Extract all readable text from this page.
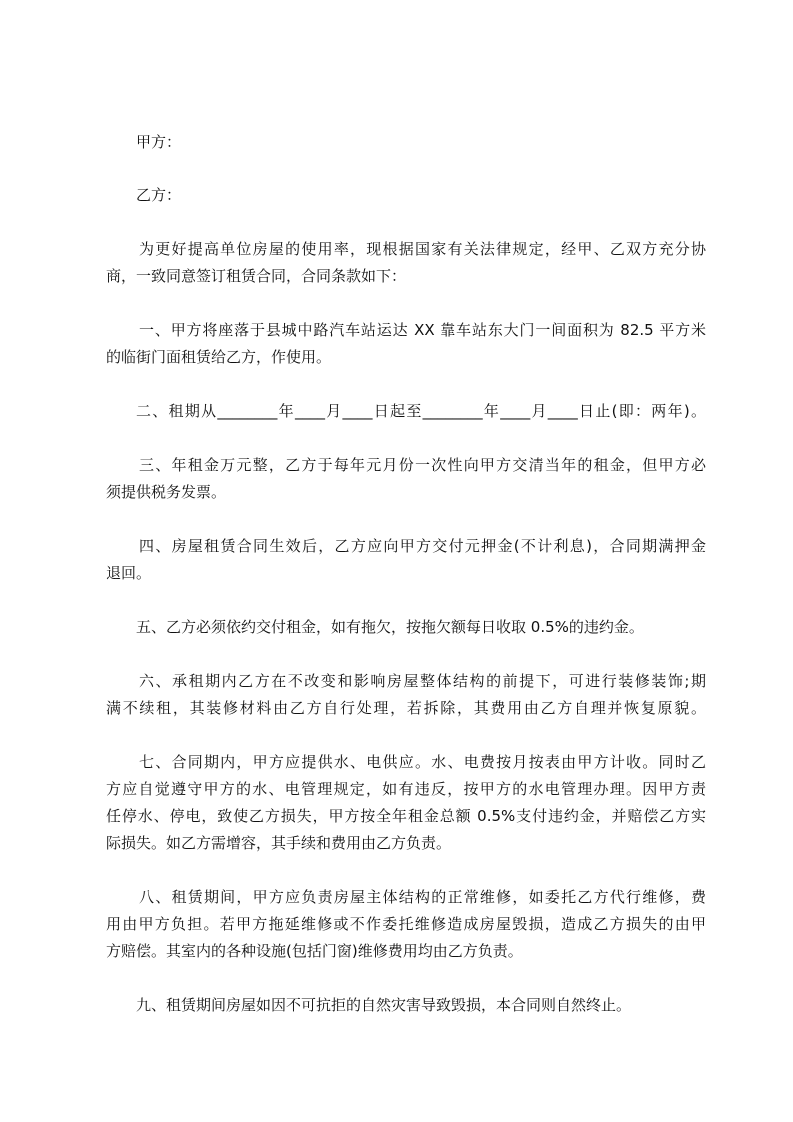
甲方：
乙方：
为更好提高单位房屋的使用率，现根据国家有关法律规定，经甲、乙双方充分协
商，一致同意签订租赁合同，合同条款如下：
一、甲方将座落于县城中路汽车站运达 XX 靠车站东大门一间面积为 82.5 平方米
的临街门面租赁给乙方，作使用。
二、租期从________年____月____日起至________年____月____日止(即：两年)。
三、年租金万元整，乙方于每年元月份一次性向甲方交清当年的租金，但甲方必
须提供税务发票。
四、房屋租赁合同生效后，乙方应向甲方交付元押金(不计利息)，合同期满押金
退回。
五、乙方必须依约交付租金，如有拖欠，按拖欠额每日收取 0.5%的违约金。
六、承租期内乙方在不改变和影响房屋整体结构的前提下，可进行装修装饰;期
满不续租，其装修材料由乙方自行处理，若拆除，其费用由乙方自理并恢复原貌。
七、合同期内，甲方应提供水、电供应。水、电费按月按表由甲方计收。同时乙
方应自觉遵守甲方的水、电管理规定，如有违反，按甲方的水电管理办理。因甲方责
任停水、停电，致使乙方损失，甲方按全年租金总额 0.5%支付违约金，并赔偿乙方实
际损失。如乙方需增容，其手续和费用由乙方负责。
八、租赁期间，甲方应负责房屋主体结构的正常维修，如委托乙方代行维修，费
用由甲方负担。若甲方拖延维修或不作委托维修造成房屋毁损，造成乙方损失的由甲
方赔偿。其室内的各种设施(包括门窗)维修费用均由乙方负责。
九、租赁期间房屋如因不可抗拒的自然灾害导致毁损，本合同则自然终止。
